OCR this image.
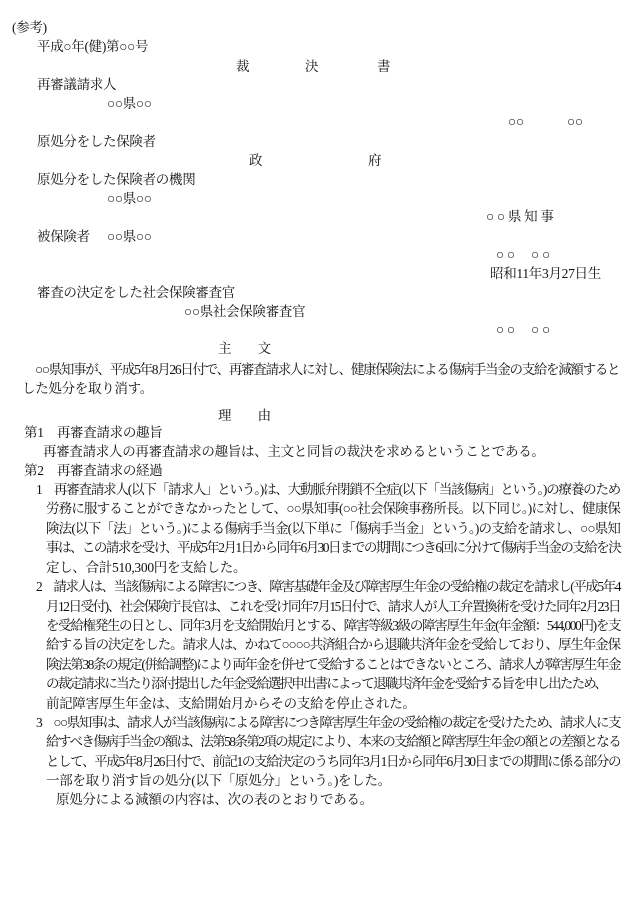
(参考)
平成○年(健)第○○号
裁	決	書
再審議請求人
○○県○○
○○	○○
原処分をした保険者
政	府
原処分をした保険者の機関
○○県○○
○ ○ 県 知 事
被保険者 ○○県○○
○ ○　 ○ ○
昭和11年3月27日生
審査の決定をした社会保険審査官
○○県社会保険審査官
○ ○　 ○ ○
主　　文
○○県知事が、平成5年8月26日付で、再審査請求人に対し、健康保険法による傷病手当金の支給を減額すると
した処分を取り消す。
理　　由
第1　再審査請求の趣旨
再審査請求人の再審査請求の趣旨は、主文と同旨の裁決を求めるということである。
第2　再審査請求の経過
1　再審査請求人(以下「請求人」という。)は、大動脈弁閉鎖不全症(以下「当該傷病」という。)の療養のため
労務に服することができなかったとして、○○県知事(○○社会保険事務所長。以下同じ。)に対し、健康保
険法(以下「法」という。)による傷病手当金(以下単に「傷病手当金」という。)の支給を請求し、○○県知
事は、この請求を受け、平成5年2月1日から同年6月30日までの期間につき6回に分けて傷病手当金の支給を決
定し、合計510,300円を支給した。
2　請求人は、当該傷病による障害につき、障害基礎年金及び障害厚生年金の受給権の裁定を請求し(平成5年4
月12日受付)、社会保険庁長官は、これを受け同年7月15日付で、請求人が人工弁置換術を受けた同年2月23日
を受給権発生の日とし、同年3月を支給開始月とする、障害等級3級の障害厚生年金(年金額：544,000円)を支
給する旨の決定をした。請求人は、かねて○○○○共済組合から退職共済年金を受給しており、厚生年金保
険法第38条の規定(併給調整)により両年金を併せて受給することはできないところ、請求人が障害厚生年金
の裁定請求に当たり添付提出した年金受給選択申出書によって退職共済年金を受給する旨を申し出たため、
前記障害厚生年金は、支給開始月からその支給を停止された。
3　○○県知事は、請求人が当該傷病による障害につき障害厚生年金の受給権の裁定を受けたため、請求人に支
給すべき傷病手当金の額は、法第58条第2項の規定により、本来の支給額と障害厚生年金の額との差額となる
として、平成5年8月26日付で、前記1の支給決定のうち同年3月1日から同年6月30日までの期間に係る部分の
一部を取り消す旨の処分(以下「原処分」という。)をした。
原処分による減額の内容は、次の表のとおりである。
